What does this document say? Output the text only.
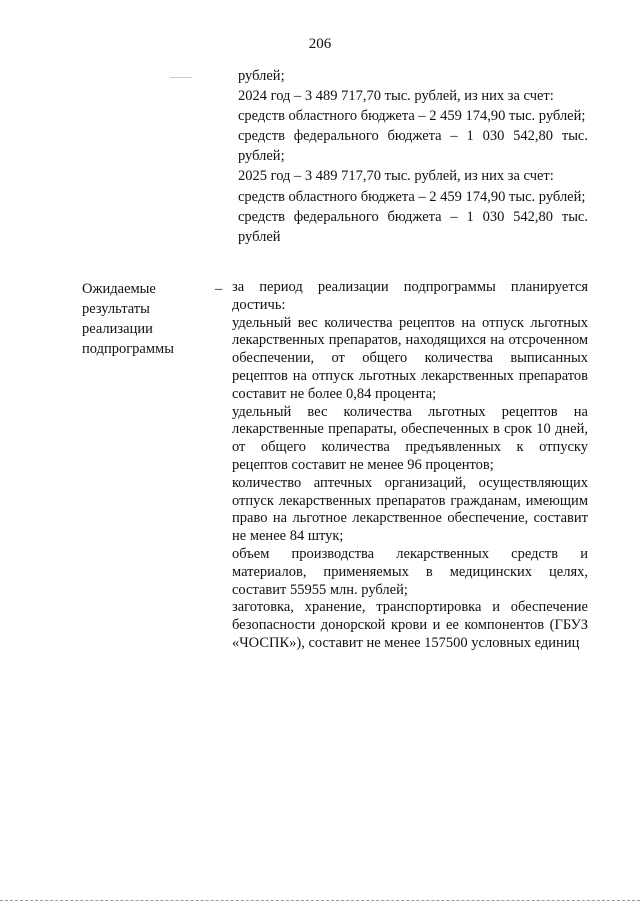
206

рублей;

2024 год – 3 489 717,70 тыс. рублей, из них за счет:

средств областного бюджета – 2 459 174,90 тыс. рублей;

средств федерального бюджета – 1 030 542,80 тыс. рублей;

2025 год – 3 489 717,70 тыс. рублей, из них за счет:

средств областного бюджета – 2 459 174,90 тыс. рублей;

средств федерального бюджета – 1 030 542,80 тыс. рублей

Ожидаемые
результаты
реализации
подпрограммы
– за период реализации подпрограммы планируется достичь:

удельный вес количества рецептов на отпуск льготных лекарственных препаратов, находящихся на отсроченном обеспечении, от общего количества выписанных рецептов на отпуск льготных лекарственных препаратов составит не более 0,84 процента;

удельный вес количества льготных рецептов на лекарственные препараты, обеспеченных в срок 10 дней, от общего количества предъявленных к отпуску рецептов составит не менее 96 процентов;

количество аптечных организаций, осуществляющих отпуск лекарственных препаратов гражданам, имеющим право на льготное лекарственное обеспечение, составит не менее 84 штук;

объем производства лекарственных средств и материалов, применяемых в медицинских целях, составит 55955 млн. рублей;

заготовка, хранение, транспортировка и обеспечение безопасности донорской крови и ее компонентов (ГБУЗ «ЧОСПК»), составит не менее 157500 условных единиц
